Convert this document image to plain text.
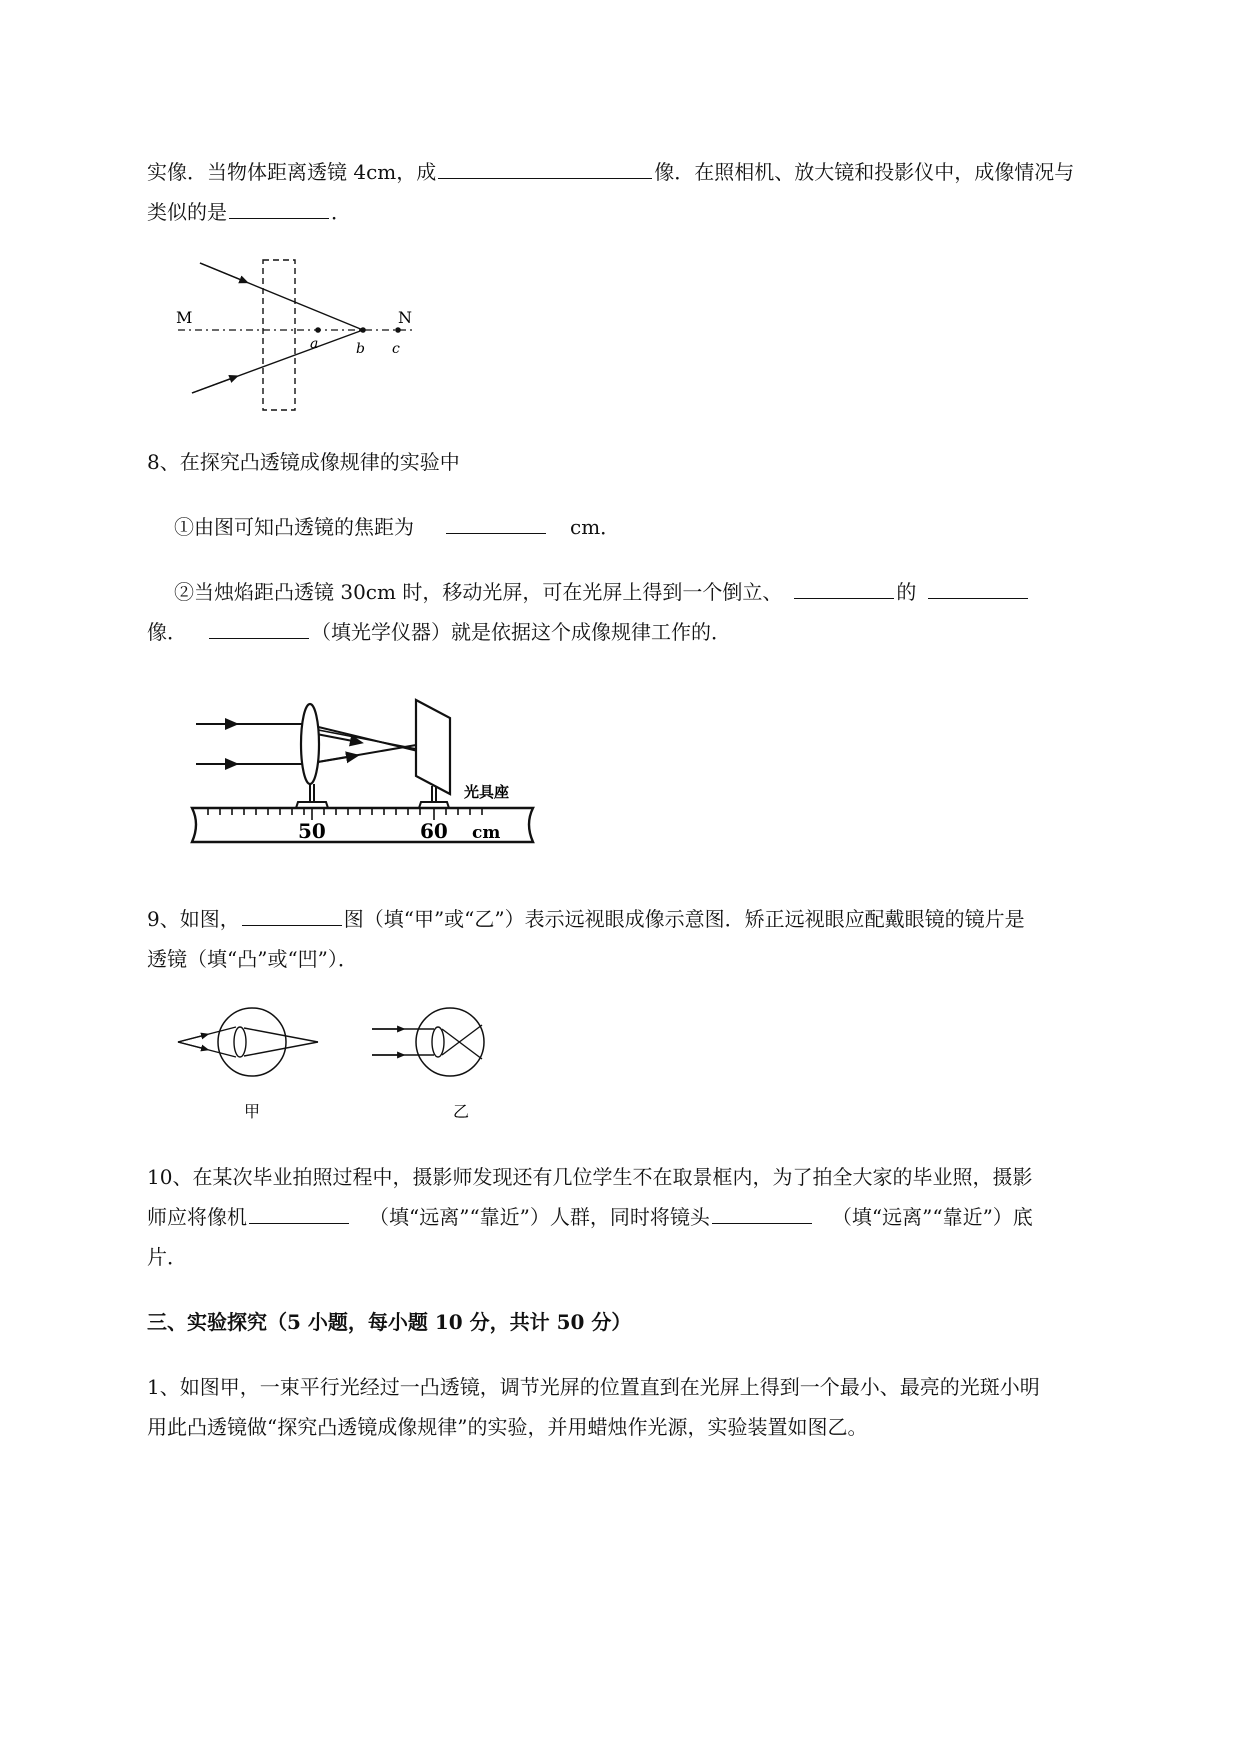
实像．当物体距离透镜 4cm，成	像．在照相机、放大镜和投影仪中，成像情况与
类似的是	．
M	N
a	b c
8、在探究凸透镜成像规律的实验中
①由图可知凸透镜的焦距为	cm．
②当烛焰距凸透镜 30cm 时，移动光屏，可在光屏上得到一个倒立、	的
像．	（填光学仪器）就是依据这个成像规律工作的．
光具座
50	60 cm
9、如图，	图（填“甲”或“乙”）表示远视眼成像示意图．矫正远视眼应配戴眼镜的镜片是
透镜（填“凸”或“凹”）．
甲	乙
10、在某次毕业拍照过程中，摄影师发现还有几位学生不在取景框内，为了拍全大家的毕业照，摄影
师应将像机	（填“远离”“靠近”）人群，同时将镜头	（填“远离”“靠近”）底
片．
三、实验探究（5 小题，每小题 10 分，共计 50 分）
1、如图甲，一束平行光经过一凸透镜，调节光屏的位置直到在光屏上得到一个最小、最亮的光斑小明
用此凸透镜做“探究凸透镜成像规律”的实验，并用蜡烛作光源，实验装置如图乙。
